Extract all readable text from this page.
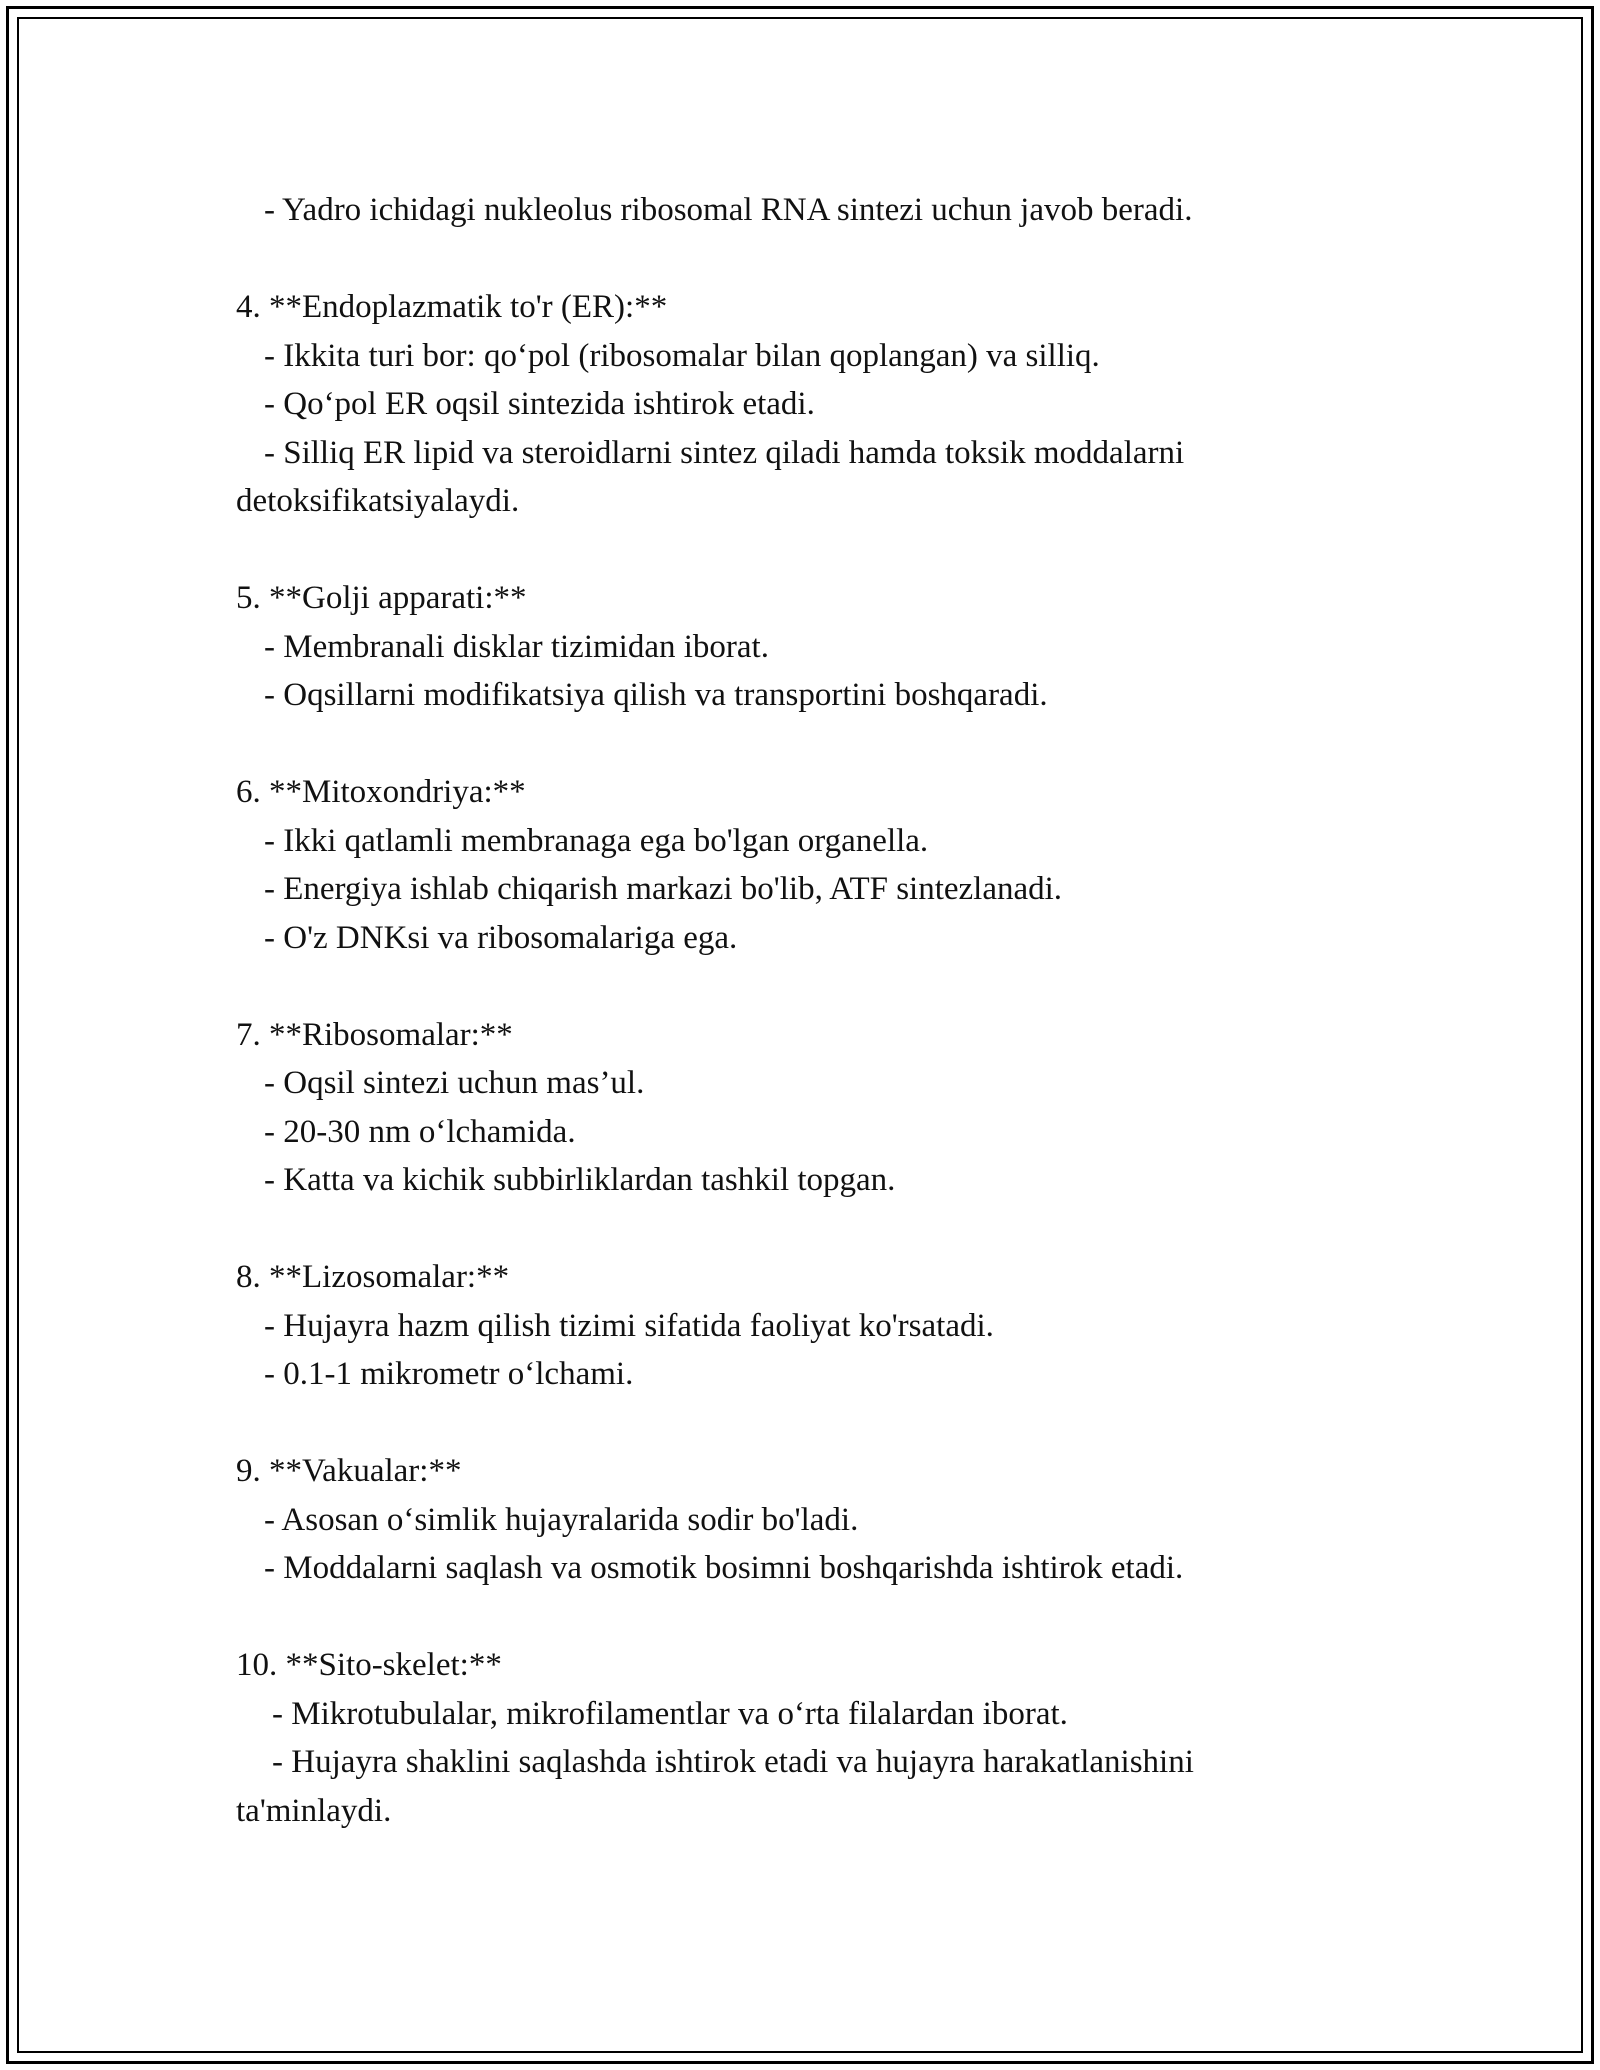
- Yadro ichidagi nukleolus ribosomal RNA sintezi uchun javob beradi.

4. **Endoplazmatik to'r (ER):**

- Ikkita turi bor: qo‘pol (ribosomalar bilan qoplangan) va silliq.

- Qo‘pol ER oqsil sintezida ishtirok etadi.

- Silliq ER lipid va steroidlarni sintez qiladi hamda toksik moddalarni

detoksifikatsiyalaydi.

5. **Golji apparati:**

- Membranali disklar tizimidan iborat.

- Oqsillarni modifikatsiya qilish va transportini boshqaradi.

6. **Mitoxondriya:**

- Ikki qatlamli membranaga ega bo'lgan organella.

- Energiya ishlab chiqarish markazi bo'lib, ATF sintezlanadi.

- O'z DNKsi va ribosomalariga ega.

7. **Ribosomalar:**

- Oqsil sintezi uchun mas’ul.

- 20-30 nm o‘lchamida.

- Katta va kichik subbirliklardan tashkil topgan.

8. **Lizosomalar:**

- Hujayra hazm qilish tizimi sifatida faoliyat ko'rsatadi.

- 0.1-1 mikrometr o‘lchami.

9. **Vakualar:**

- Asosan o‘simlik hujayralarida sodir bo'ladi.

- Moddalarni saqlash va osmotik bosimni boshqarishda ishtirok etadi.

10. **Sito-skelet:**

- Mikrotubulalar, mikrofilamentlar va o‘rta filalardan iborat.

- Hujayra shaklini saqlashda ishtirok etadi va hujayra harakatlanishini

ta'minlaydi.
